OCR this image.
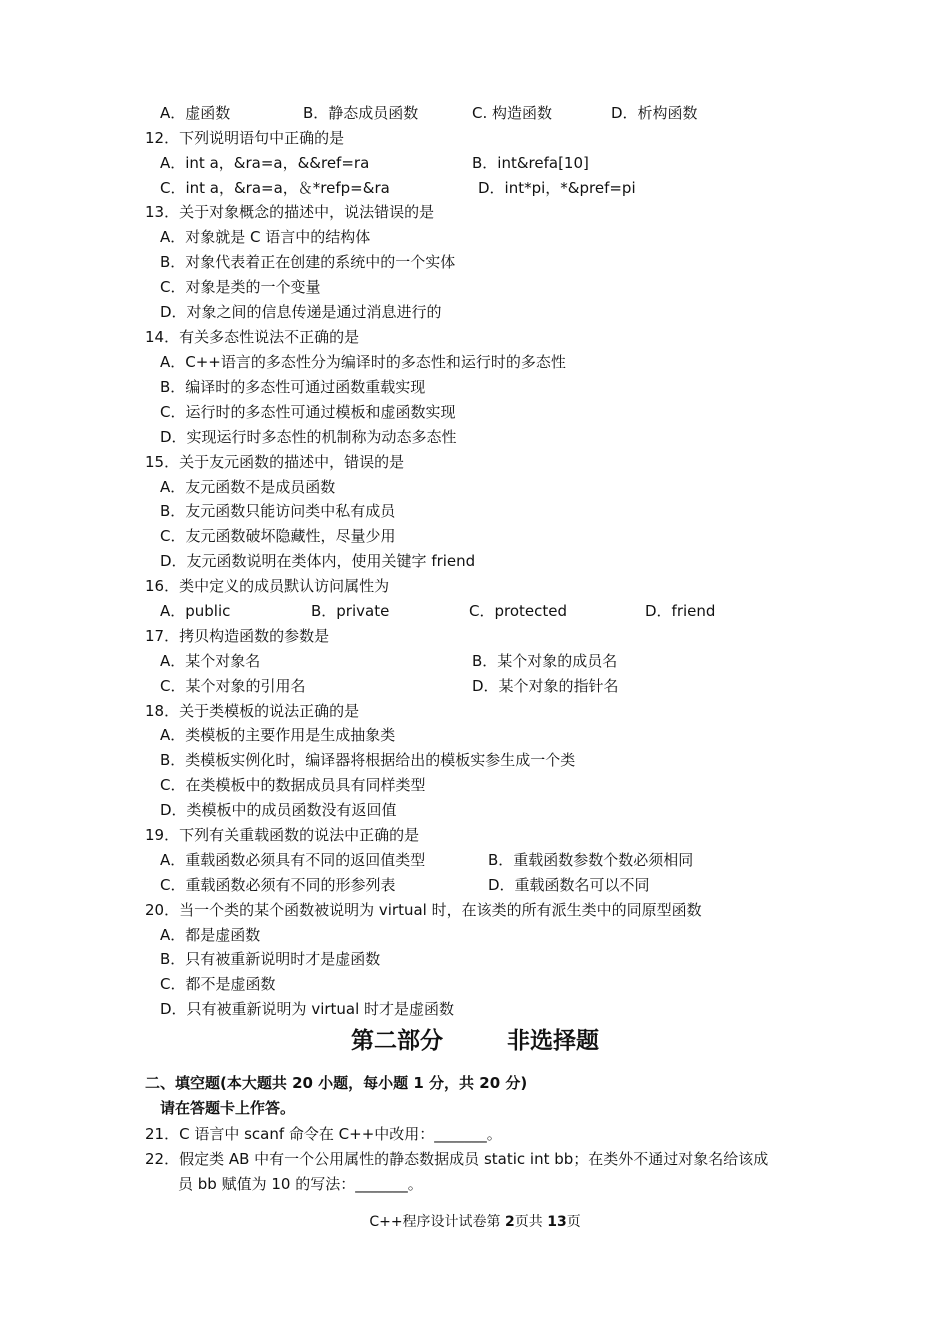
A．虚函数	B．静态成员函数	C. 构造函数	D．析构函数
12．下列说明语句中正确的是
A．int a，&ra=a，&&ref=ra	B．int&refa[10]
C．int a，&ra=a，＆*refp=&ra	D．int*pi，*&pref=pi
13．关于对象概念的描述中，说法错误的是
A．对象就是 C 语言中的结构体
B．对象代表着正在创建的系统中的一个实体
C．对象是类的一个变量
D．对象之间的信息传递是通过消息进行的
14．有关多态性说法不正确的是
A．C++语言的多态性分为编译时的多态性和运行时的多态性
B．编译时的多态性可通过函数重载实现
C．运行时的多态性可通过模板和虚函数实现
D．实现运行时多态性的机制称为动态多态性
15．关于友元函数的描述中，错误的是
A．友元函数不是成员函数
B．友元函数只能访问类中私有成员
C．友元函数破坏隐藏性，尽量少用
D．友元函数说明在类体内，使用关键字 friend
16．类中定义的成员默认访问属性为
A．public	B．private	C．protected	D．friend
17．拷贝构造函数的参数是
A．某个对象名	B．某个对象的成员名
C．某个对象的引用名	D．某个对象的指针名
18．关于类模板的说法正确的是
A．类模板的主要作用是生成抽象类
B．类模板实例化时，编译器将根据给出的模板实参生成一个类
C．在类模板中的数据成员具有同样类型
D．类模板中的成员函数没有返回值
19．下列有关重载函数的说法中正确的是
A．重载函数必须具有不同的返回值类型	B．重载函数参数个数必须相同
C．重载函数必须有不同的形参列表	D．重载函数名可以不同
20．当一个类的某个函数被说明为 virtual 时，在该类的所有派生类中的同原型函数
A．都是虚函数
B．只有被重新说明时才是虚函数
C．都不是虚函数
D．只有被重新说明为 virtual 时才是虚函数
第二部分        非选择题
二、填空题(本大题共 20 小题，每小题 1 分，共 20 分)
请在答题卡上作答。
21．C 语言中 scanf 命令在 C++中改用：_______。
22．假定类 AB 中有一个公用属性的静态数据成员 static int bb；在类外不通过对象名给该成
员 bb 赋值为 10 的写法：_______。
C++程序设计试卷第 2页共 13页
